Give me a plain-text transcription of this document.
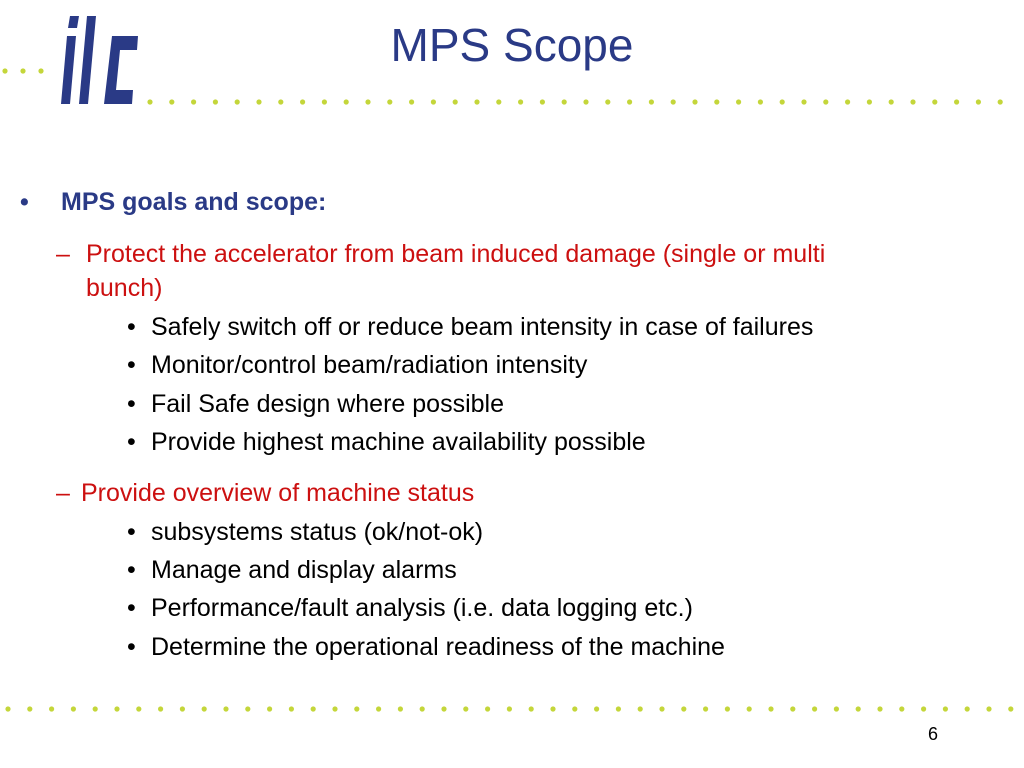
MPS Scope
• MPS goals and scope:
– Protect the accelerator from beam induced damage (single or multi
bunch)
• Safely switch off or reduce beam intensity in case of failures
• Monitor/control beam/radiation intensity
• Fail Safe design where possible
• Provide highest machine availability possible
– Provide overview of machine status
• subsystems status (ok/not-ok)
• Manage and display alarms
• Performance/fault analysis (i.e. data logging etc.)
• Determine the operational readiness of the machine
6
